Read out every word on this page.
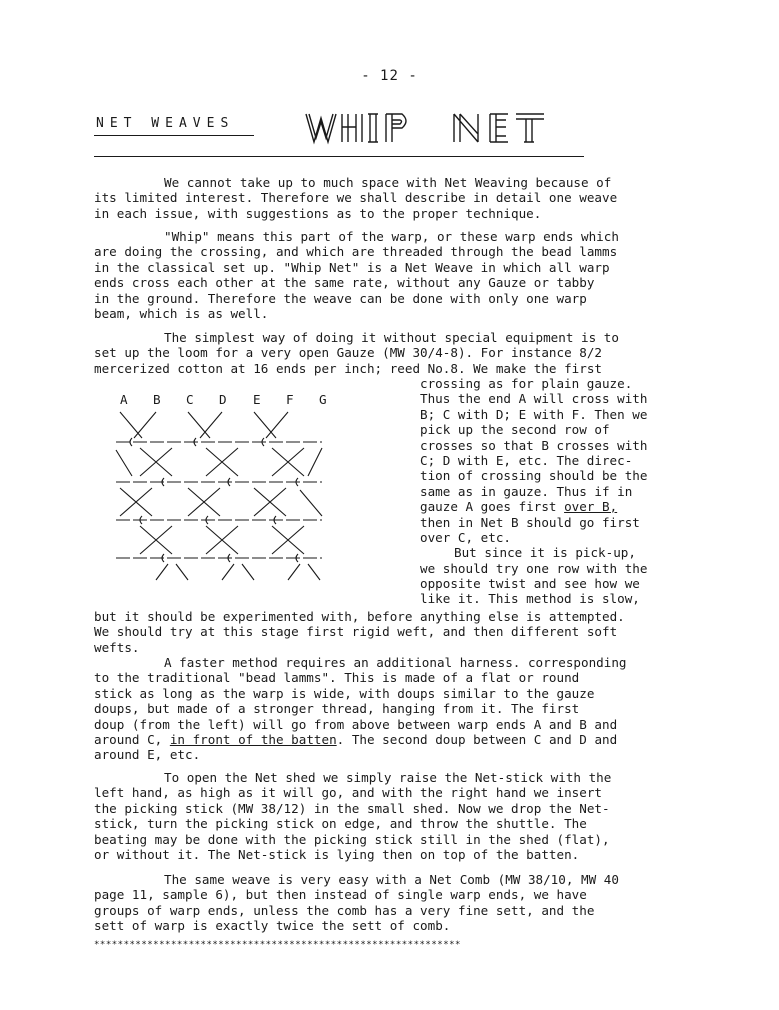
- 12 -
NET WEAVES
We cannot take up to much space with Net Weaving because of
its limited interest. Therefore we shall describe in detail one weave
in each issue, with suggestions as to the proper technique.
"Whip" means this part of the warp, or these warp ends which
are doing the crossing, and which are threaded through the bead lamms
in the classical set up. "Whip Net" is a Net Weave in which all warp
ends cross each other at the same rate, without any Gauze or tabby
in the ground. Therefore the weave can be done with only one warp
beam, which is as well.
The simplest way of doing it without special equipment is to
set up the loom for a very open Gauze (MW 30/4-8). For instance 8/2
mercerized cotton at 16 ends per inch; reed No.8. We make the first
A B C D E F G
crossing as for plain gauze.
Thus the end A will cross with
B; C with D; E with F. Then we
pick up the second row of
crosses so that B crosses with
C; D with E, etc. The direc-
tion of crossing should be the
same as in gauze. Thus if in
gauze A goes first over B,
then in Net B should go first
over C, etc.
But since it is pick-up,
we should try one row with the
opposite twist and see how we
like it. This method is slow,
but it should be experimented with, before anything else is attempted.
We should try at this stage first rigid weft, and then different soft
wefts.
A faster method requires an additional harness. corresponding
to the traditional "bead lamms". This is made of a flat or round
stick as long as the warp is wide, with doups similar to the gauze
doups, but made of a stronger thread, hanging from it. The first
doup (from the left) will go from above between warp ends A and B and
around C, in front of the batten. The second doup between C and D and
around E, etc.
To open the Net shed we simply raise the Net-stick with the
left hand, as high as it will go, and with the right hand we insert
the picking stick (MW 38/12) in the small shed. Now we drop the Net-
stick, turn the picking stick on edge, and throw the shuttle. The
beating may be done with the picking stick still in the shed (flat),
or without it. The Net-stick is lying then on top of the batten.
The same weave is very easy with a Net Comb (MW 38/10, MW 40
page 11, sample 6), but then instead of single warp ends, we have
groups of warp ends, unless the comb has a very fine sett, and the
sett of warp is exactly twice the sett of comb.
**************************************************************
